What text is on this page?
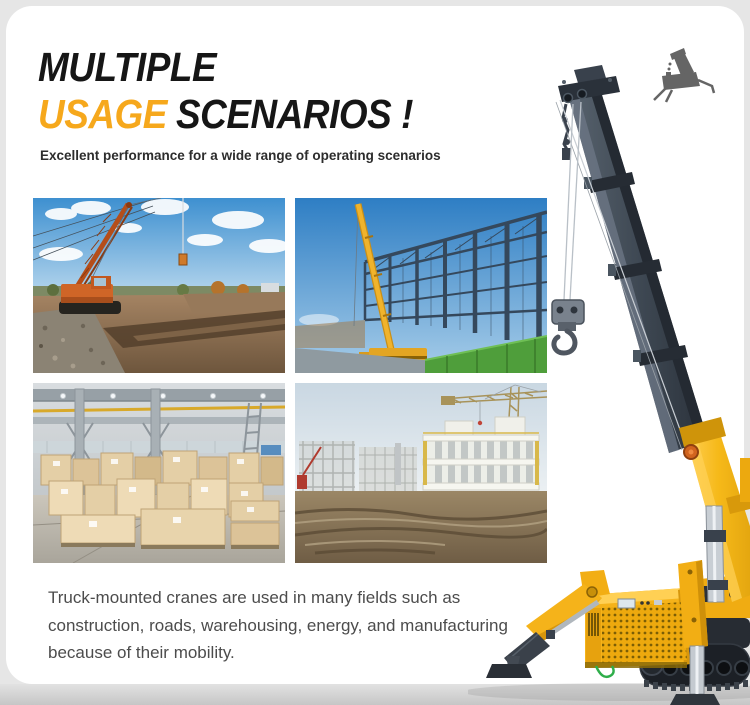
MULTIPLE
USAGE SCENARIOS !

Excellent performance for a wide range of operating scenarios

Truck-mounted cranes are used in many fields such as construction, roads, warehousing, energy, and manufacturing because of their mobility.
